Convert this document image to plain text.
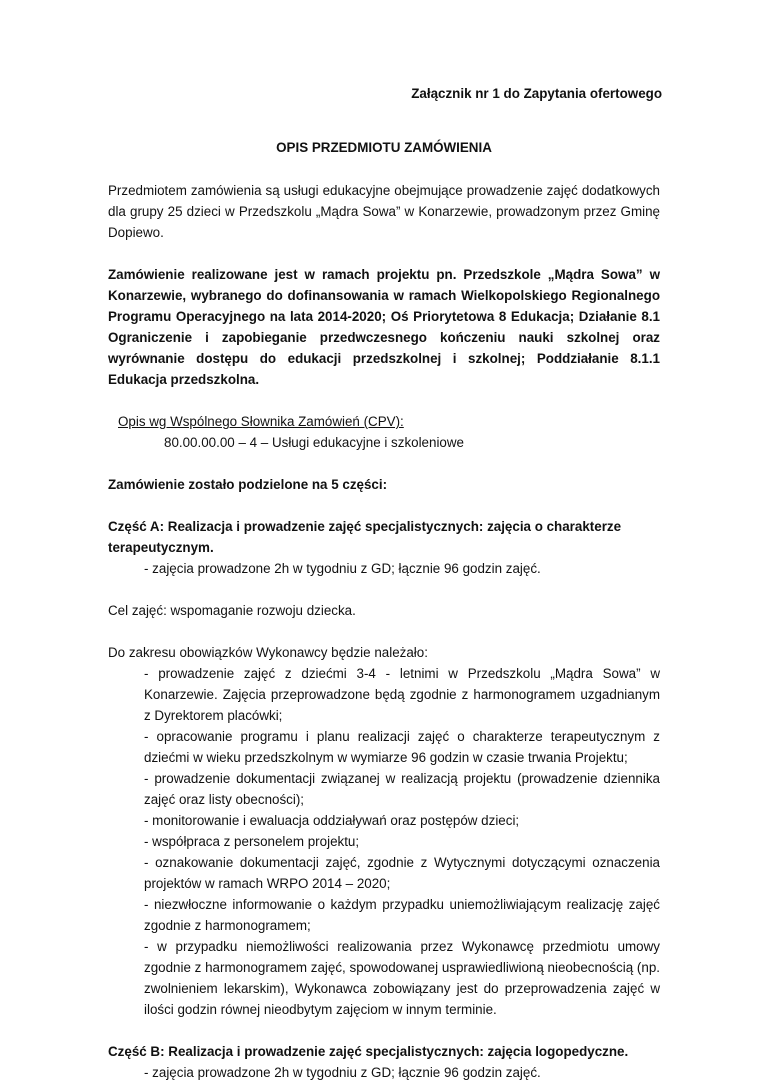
Załącznik nr 1 do Zapytania ofertowego
OPIS PRZEDMIOTU ZAMÓWIENIA

Przedmiotem zamówienia są usługi edukacyjne obejmujące prowadzenie zajęć dodatkowych dla grupy 25 dzieci w Przedszkolu „Mądra Sowa” w Konarzewie, prowadzonym przez Gminę Dopiewo.

Zamówienie realizowane jest w ramach projektu pn. Przedszkole „Mądra Sowa” w Konarzewie, wybranego do dofinansowania w ramach Wielkopolskiego Regionalnego Programu Operacyjnego na lata 2014-2020; Oś Priorytetowa 8 Edukacja; Działanie 8.1 Ograniczenie i zapobieganie przedwczesnego kończeniu nauki szkolnej oraz wyrównanie dostępu do edukacji przedszkolnej i szkolnej; Poddziałanie 8.1.1 Edukacja przedszkolna.

Opis wg Wspólnego Słownika Zamówień (CPV):
80.00.00.00 – 4 – Usługi edukacyjne i szkoleniowe

Zamówienie zostało podzielone na 5 części:

Część A: Realizacja i prowadzenie zajęć specjalistycznych: zajęcia o charakterze terapeutycznym.

- zajęcia prowadzone 2h w tygodniu z GD; łącznie 96 godzin zajęć.

Cel zajęć: wspomaganie rozwoju dziecka.

Do zakresu obowiązków Wykonawcy będzie należało:

- prowadzenie zajęć z dziećmi 3-4 - letnimi w Przedszkolu „Mądra Sowa” w Konarzewie. Zajęcia przeprowadzone będą zgodnie z harmonogramem uzgadnianym z Dyrektorem placówki;
- opracowanie programu i planu realizacji zajęć o charakterze terapeutycznym z dziećmi w wieku przedszkolnym w wymiarze 96 godzin w czasie trwania Projektu;
- prowadzenie dokumentacji związanej w realizacją projektu (prowadzenie dziennika zajęć oraz listy obecności);
- monitorowanie i ewaluacja oddziaływań oraz postępów dzieci;
- współpraca z personelem projektu;
- oznakowanie dokumentacji zajęć, zgodnie z Wytycznymi dotyczącymi oznaczenia projektów w ramach WRPO 2014 – 2020;
- niezwłoczne informowanie o każdym przypadku uniemożliwiającym realizację zajęć zgodnie z harmonogramem;
- w przypadku niemożliwości realizowania przez Wykonawcę przedmiotu umowy zgodnie z harmonogramem zajęć, spowodowanej usprawiedliwioną nieobecnością (np. zwolnieniem lekarskim), Wykonawca zobowiązany jest do przeprowadzenia zajęć w ilości godzin równej nieodbytym zajęciom w innym terminie.

Część B: Realizacja i prowadzenie zajęć specjalistycznych: zajęcia logopedyczne.

- zajęcia prowadzone 2h w tygodniu z GD; łącznie 96 godzin zajęć.
